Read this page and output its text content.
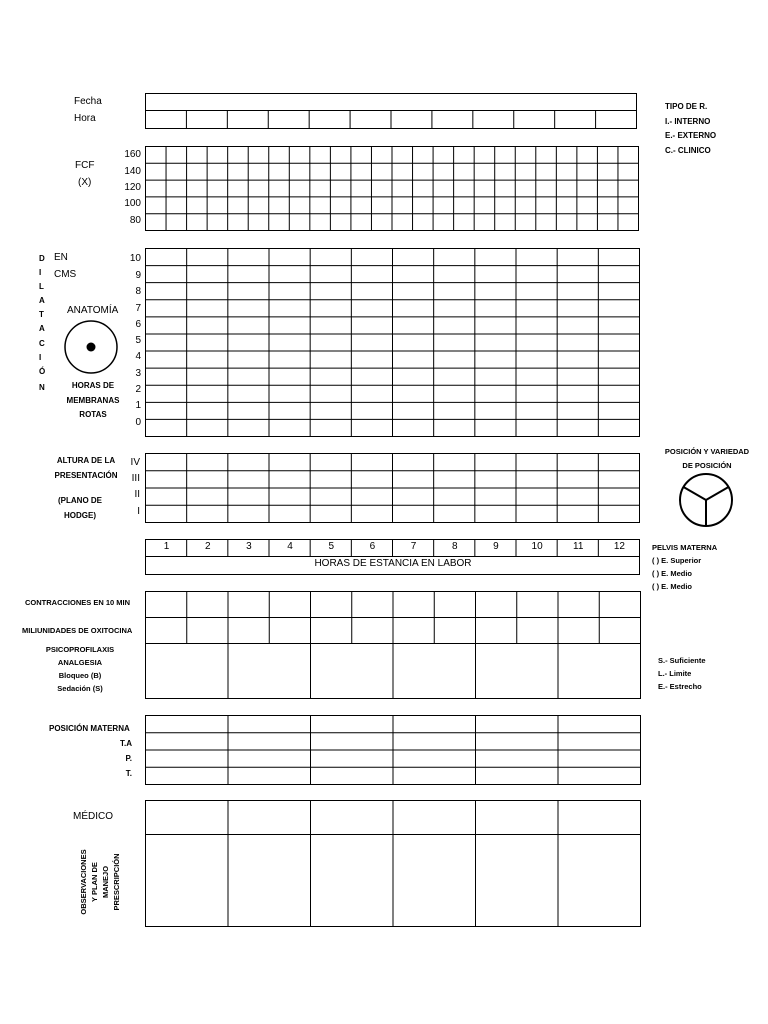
Fecha
Hora
TIPO DE R.
I.- INTERNO
E.- EXTERNO
C.- CLINICO
FCF
(X)
160
140
120
100
80
D
I
L
A
T
A
C
I
Ó
N
EN
CMS
ANATOMÍA
HORAS DE
MEMBRANAS
ROTAS
10
9
8
7
6
5
4
3
2
1
0
ALTURA DE LA
PRESENTACIÓN
(PLANO DE
HODGE)
IV
III
II
I
POSICIÓN Y VARIEDAD
DE POSICIÓN
1	2	3	4	5	6	7	8	9	10	11	12
HORAS DE ESTANCIA EN LABOR
PELVIS MATERNA
( ) E. Superior
( ) E. Medio
( ) E. Medio
CONTRACCIONES EN 10 MIN
MILIUNIDADES DE OXITOCINA
PSICOPROFILAXIS
ANALGESIA
Bloqueo (B)
Sedación (S)
S.- Suficiente
L.- Limite
E.- Estrecho
POSICIÓN MATERNA
T.A
P.
T.
MÉDICO
OBSERVACIONES Y PLAN DE MANEJO PRESCRIPCIÓN
